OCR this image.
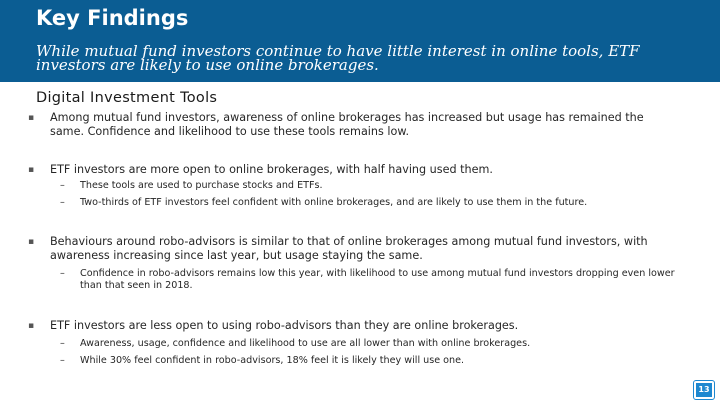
Key Findings

While mutual fund investors continue to have little interest in online tools, ETF investors are likely to use online brokerages.

Digital Investment Tools
▪	Among mutual fund investors, awareness of online brokerages has increased but usage has remained the same. Confidence and likelihood to use these tools remains low.
▪	ETF investors are more open to online brokerages, with half having used them.
–	These tools are used to purchase stocks and ETFs.
–	Two-thirds of ETF investors feel confident with online brokerages, and are likely to use them in the future.
▪	Behaviours around robo-advisors is similar to that of online brokerages among mutual fund investors, with awareness increasing since last year, but usage staying the same.
–	Confidence in robo-advisors remains low this year, with likelihood to use among mutual fund investors dropping even lower than that seen in 2018.
▪	ETF investors are less open to using robo-advisors than they are online brokerages.
–	Awareness, usage, confidence and likelihood to use are all lower than with online brokerages.
–	While 30% feel confident in robo-advisors, 18% feel it is likely they will use one.
13
